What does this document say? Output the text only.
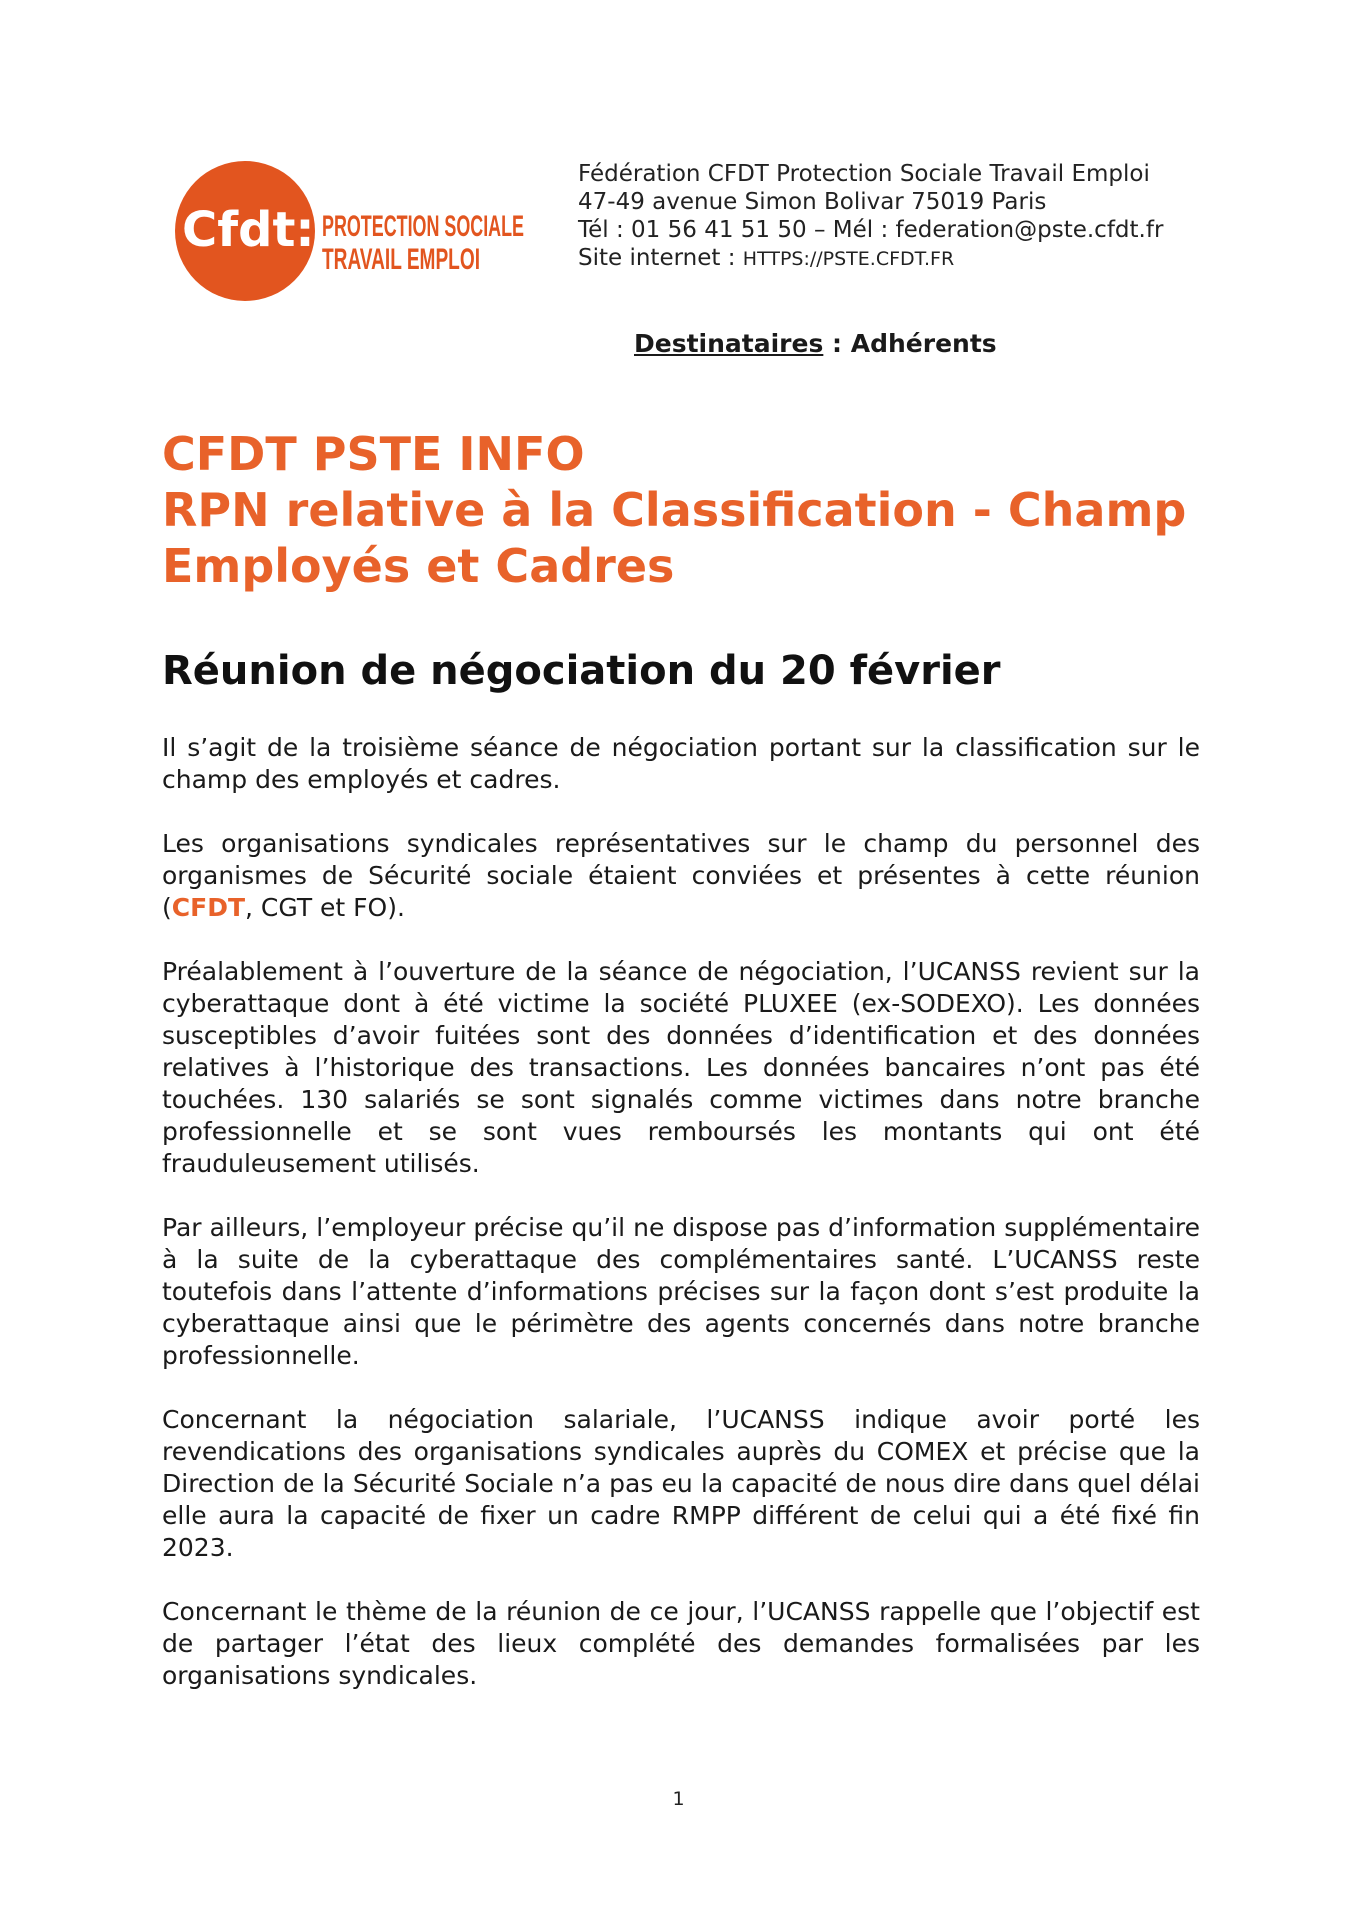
Cfdt: PROTECTION SOCIALE
TRAVAIL EMPLOI
Fédération CFDT Protection Sociale Travail Emploi
47-49 avenue Simon Bolivar 75019 Paris
Tél : 01 56 41 51 50 – Mél : federation@pste.cfdt.fr
Site internet : HTTPS://PSTE.CFDT.FR
Destinataires : Adhérents
CFDT PSTE INFO
RPN relative à la Classification - Champ
Employés et Cadres
Réunion de négociation du 20 février

Il s’agit de la troisième séance de négociation portant sur la classification sur le champ des employés et cadres.

Les organisations syndicales représentatives sur le champ du personnel des organismes de Sécurité sociale étaient conviées et présentes à cette réunion (CFDT, CGT et FO).

Préalablement à l’ouverture de la séance de négociation, l’UCANSS revient sur la cyberattaque dont à été victime la société PLUXEE (ex-SODEXO). Les données susceptibles d’avoir fuitées sont des données d’identification et des données relatives à l’historique des transactions. Les données bancaires n’ont pas été touchées. 130 salariés se sont signalés comme victimes dans notre branche professionnelle et se sont vues remboursés les montants qui ont été frauduleusement utilisés.

Par ailleurs, l’employeur précise qu’il ne dispose pas d’information supplémentaire à la suite de la cyberattaque des complémentaires santé. L’UCANSS reste toutefois dans l’attente d’informations précises sur la façon dont s’est produite la cyberattaque ainsi que le périmètre des agents concernés dans notre branche professionnelle.

Concernant la négociation salariale, l’UCANSS indique avoir porté les revendications des organisations syndicales auprès du COMEX et précise que la Direction de la Sécurité Sociale n’a pas eu la capacité de nous dire dans quel délai elle aura la capacité de fixer un cadre RMPP différent de celui qui a été fixé fin 2023.

Concernant le thème de la réunion de ce jour, l’UCANSS rappelle que l’objectif est de partager l’état des lieux complété des demandes formalisées par les organisations syndicales.

1
